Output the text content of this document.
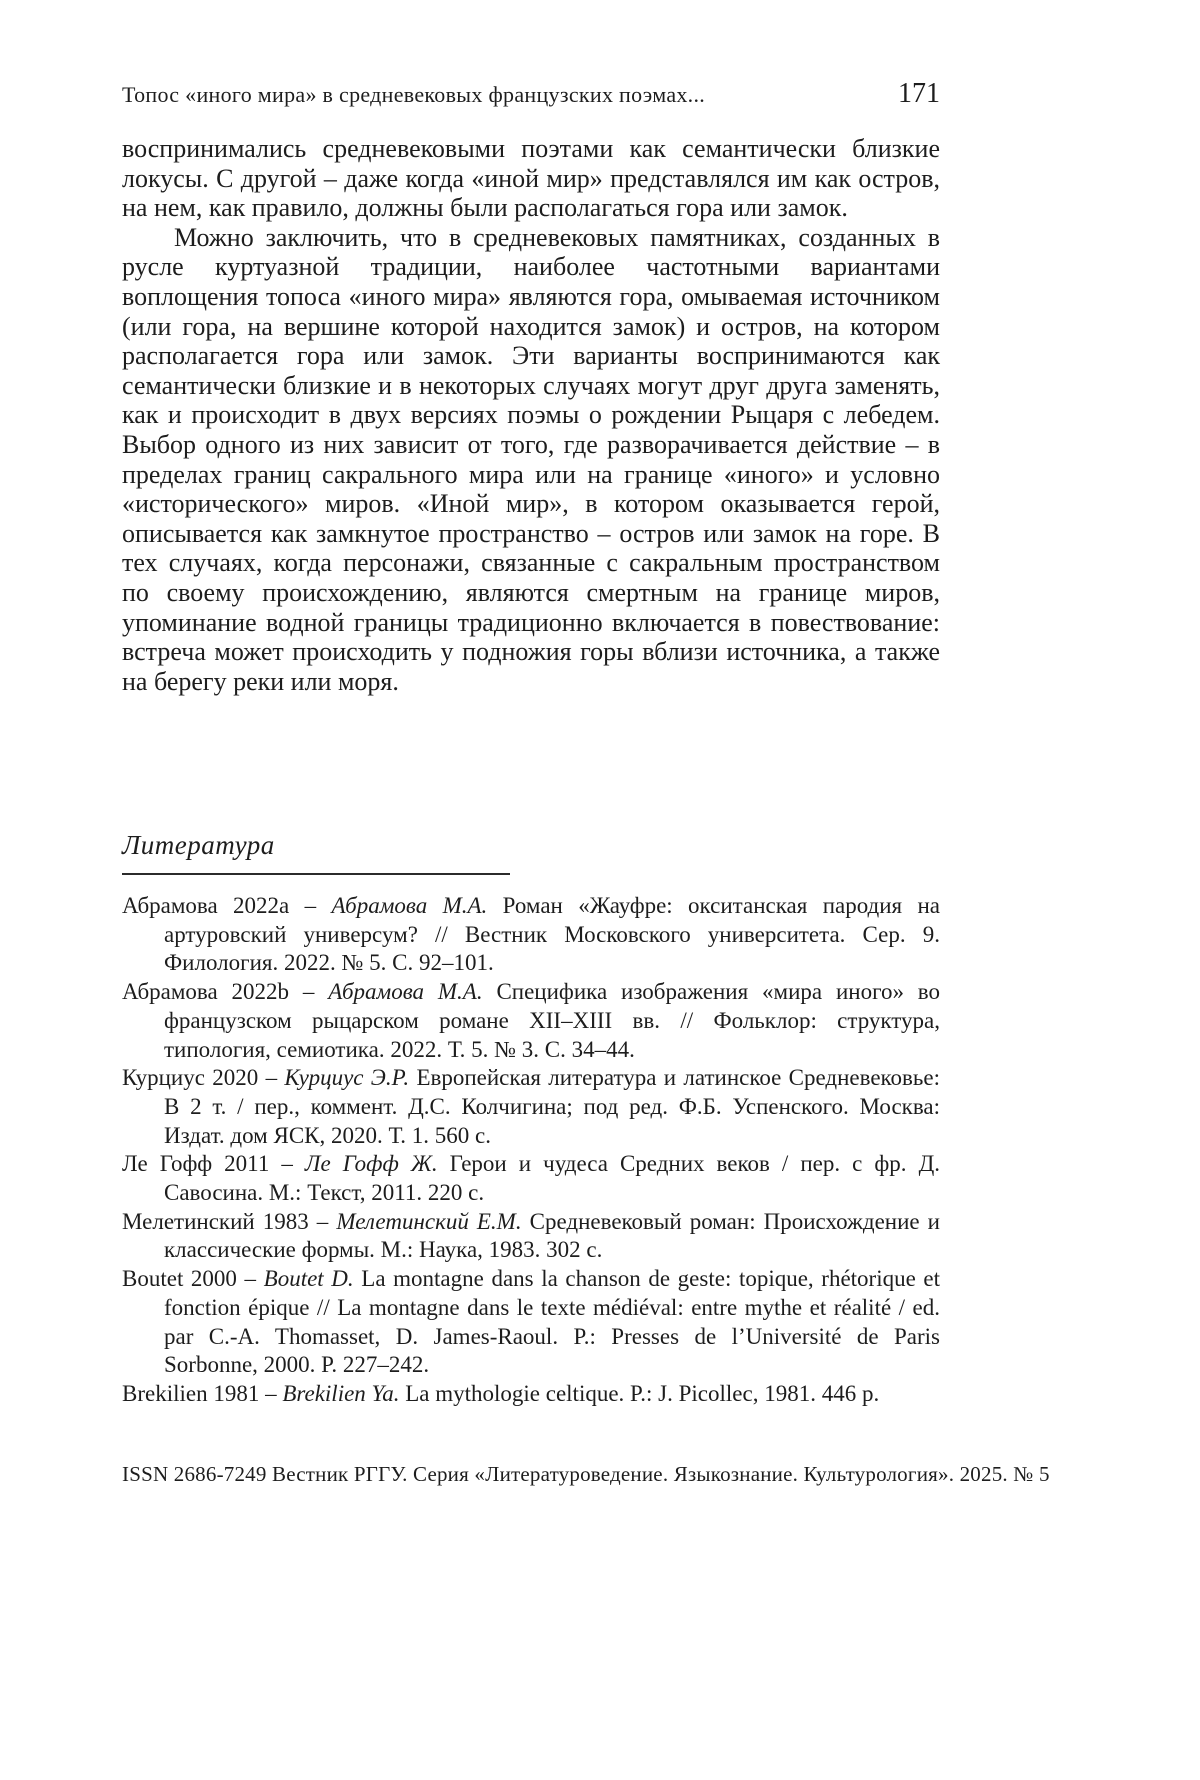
Топос «иного мира» в средневековых французских поэмах...	171
воспринимались средневековыми поэтами как семантически близкие локусы. С другой – даже когда «иной мир» представлялся им как остров, на нем, как правило, должны были располагаться гора или замок.
Можно заключить, что в средневековых памятниках, созданных в русле куртуазной традиции, наиболее частотными вариантами воплощения топоса «иного мира» являются гора, омываемая источником (или гора, на вершине которой находится замок) и остров, на котором располагается гора или замок. Эти варианты воспринимаются как семантически близкие и в некоторых случаях могут друг друга заменять, как и происходит в двух версиях поэмы о рождении Рыцаря с лебедем. Выбор одного из них зависит от того, где разворачивается действие – в пределах границ сакрального мира или на границе «иного» и условно «исторического» миров. «Иной мир», в котором оказывается герой, описывается как замкнутое пространство – остров или замок на горе. В тех случаях, когда персонажи, связанные с сакральным пространством по своему происхождению, являются смертным на границе миров, упоминание водной границы традиционно включается в повествование: встреча может происходить у подножия горы вблизи источника, а также на берегу реки или моря.
Литература
Абрамова 2022a – Абрамова М.А. Роман «Жауфре: окситанская пародия на артуровский универсум? // Вестник Московского университета. Сер. 9. Филология. 2022. № 5. С. 92–101.
Абрамова 2022b – Абрамова М.А. Специфика изображения «мира иного» во французском рыцарском романе XII–XIII вв. // Фольклор: структура, типология, семиотика. 2022. Т. 5. № 3. С. 34–44.
Курциус 2020 – Курциус Э.Р. Европейская литература и латинское Средневековье: В 2 т. / пер., коммент. Д.С. Колчигина; под ред. Ф.Б. Успенского. Москва: Издат. дом ЯСК, 2020. Т. 1. 560 с.
Ле Гофф 2011 – Ле Гофф Ж. Герои и чудеса Средних веков / пер. с фр. Д. Савосина. М.: Текст, 2011. 220 с.
Мелетинский 1983 – Мелетинский Е.М. Средневековый роман: Происхождение и классические формы. М.: Наука, 1983. 302 с.
Boutet 2000 – Boutet D. La montagne dans la chanson de geste: topique, rhétorique et fonction épique // La montagne dans le texte médiéval: entre mythe et réalité / ed. par C.-A. Thomasset, D. James-Raoul. P.: Presses de l’Université de Paris Sorbonne, 2000. P. 227–242.
Brekilien 1981 – Brekilien Ya. La mythologie celtique. P.: J. Picollec, 1981. 446 p.
ISSN 2686-7249 Вестник РГГУ. Серия «Литературоведение. Языкознание. Культурология». 2025. № 5
